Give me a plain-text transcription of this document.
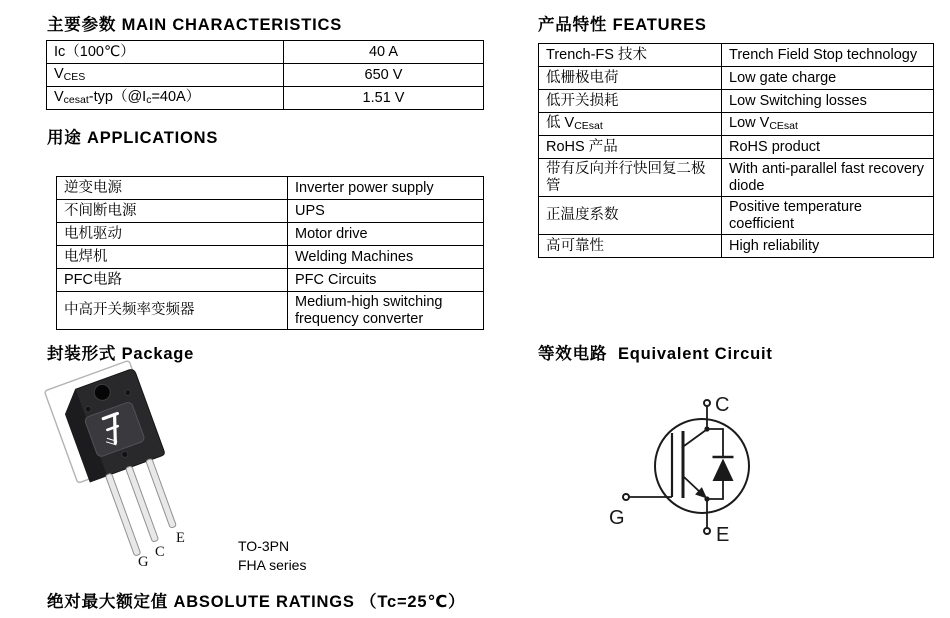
主要参数 MAIN CHARACTERISTICS	产品特性 FEATURES
用途 APPLICATIONS
封装形式 Package	等效电路  Equivalent Circuit
绝对最大额定值 ABSOLUTE RATINGS （Tc=25℃）
Ic（100℃）	40 A
VCES	650 V
Vcesat-typ（@Ic=40A）	1.51 V
Trench-FS 技术	Trench Field Stop technology
低栅极电荷	Low gate charge
低开关损耗	Low Switching losses
低 VCEsat	Low VCEsat
RoHS 产品	RoHS product
带有反向并行快回复二极管	With anti-parallel fast recovery diode
正温度系数	Positive temperature coefficient
高可靠性	High reliability
逆变电源	Inverter power supply
不间断电源	UPS
电机驱动	Motor drive
电焊机	Welding Machines
PFC电路	PFC Circuits
中高开关频率变频器	Medium-high switching frequency converter
G
C
E	TO-3PN
FHA series
C
G
E
